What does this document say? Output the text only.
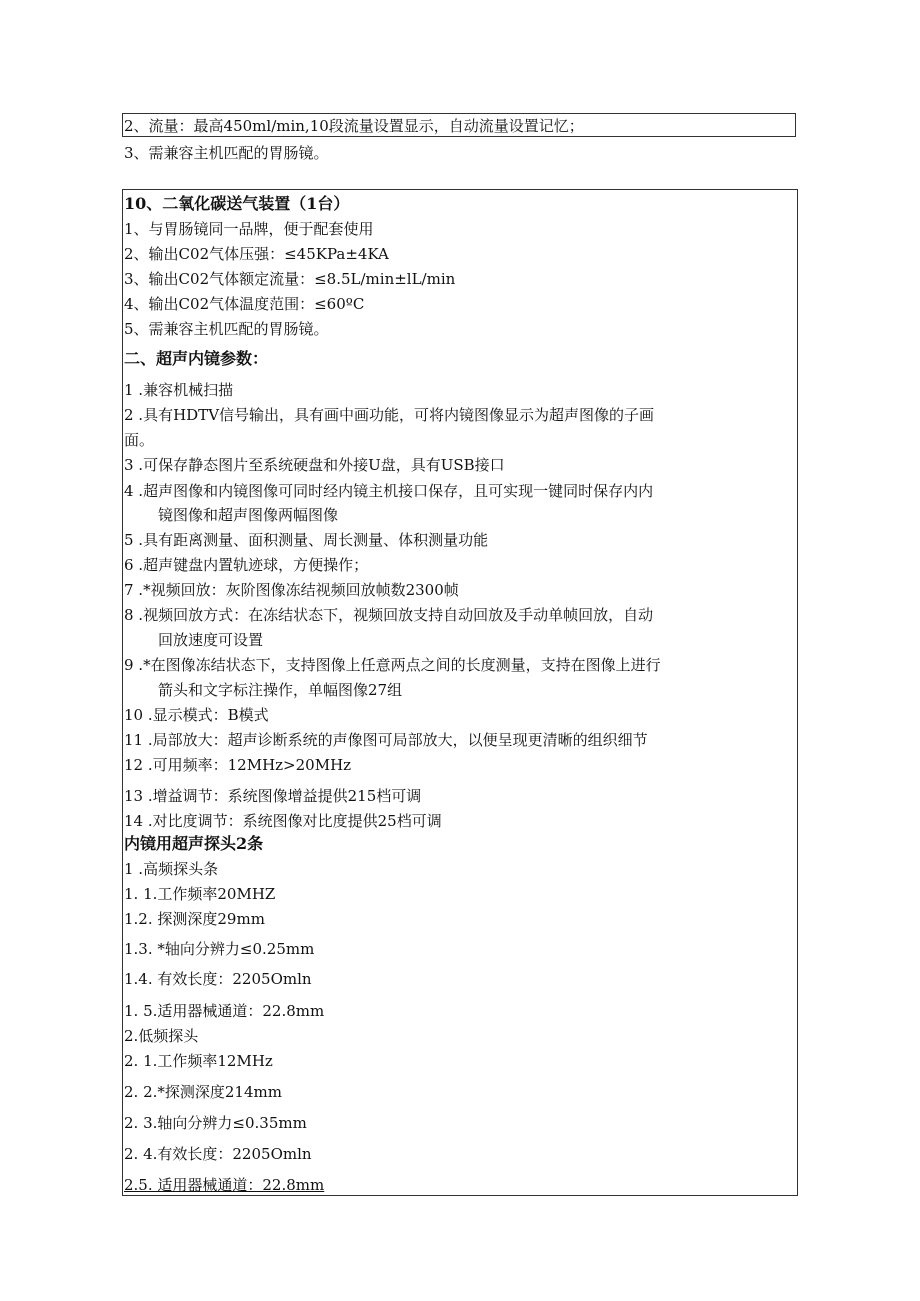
2、流量：最高450ml∕min,10段流量设置显示，自动流量设置记忆；
3、需兼容主机匹配的胃肠镜。
10、二氧化碳送气装置（1台）
1、与胃肠镜同一品牌，便于配套使用
2、输出C02气体压强：≤45KPa±4KA
3、输出C02气体额定流量：≤8.5L∕min±lL/min
4、输出C02气体温度范围：≤60ºC
5、需兼容主机匹配的胃肠镜。
二、超声内镜参数：
1 .兼容机械扫描
2 .具有HDTV信号输出，具有画中画功能，可将内镜图像显示为超声图像的子画
面。
3 .可保存静态图片至系统硬盘和外接U盘，具有USB接口
4 .超声图像和内镜图像可同时经内镜主机接口保存，且可实现一键同时保存内内
镜图像和超声图像两幅图像
5 .具有距离测量、面积测量、周长测量、体积测量功能
6 .超声键盘内置轨迹球，方便操作；
7 .*视频回放：灰阶图像冻结视频回放帧数2300帧
8 .视频回放方式：在冻结状态下，视频回放支持自动回放及手动单帧回放，自动
回放速度可设置
9 .*在图像冻结状态下，支持图像上任意两点之间的长度测量，支持在图像上进行
箭头和文字标注操作，单幅图像27组
10 .显示模式：B模式
11 .局部放大：超声诊断系统的声像图可局部放大，以便呈现更清晰的组织细节
12 .可用频率：12MHz>20MHz
13 .增益调节：系统图像增益提供215档可调
14 .对比度调节：系统图像对比度提供25档可调
内镜用超声探头2条
1 .高频探头条
1. 1.工作频率20MHZ
1.2. 探测深度29mm
1.3. *轴向分辨力≤0.25mm
1.4. 有效长度：2205Omln
1. 5.适用器械通道：22.8mm
2.低频探头
2. 1.工作频率12MHz
2. 2.*探测深度214mm
2. 3.轴向分辨力≤0.35mm
2. 4.有效长度：2205Omln
2.5. 适用器械通道：22.8mm
